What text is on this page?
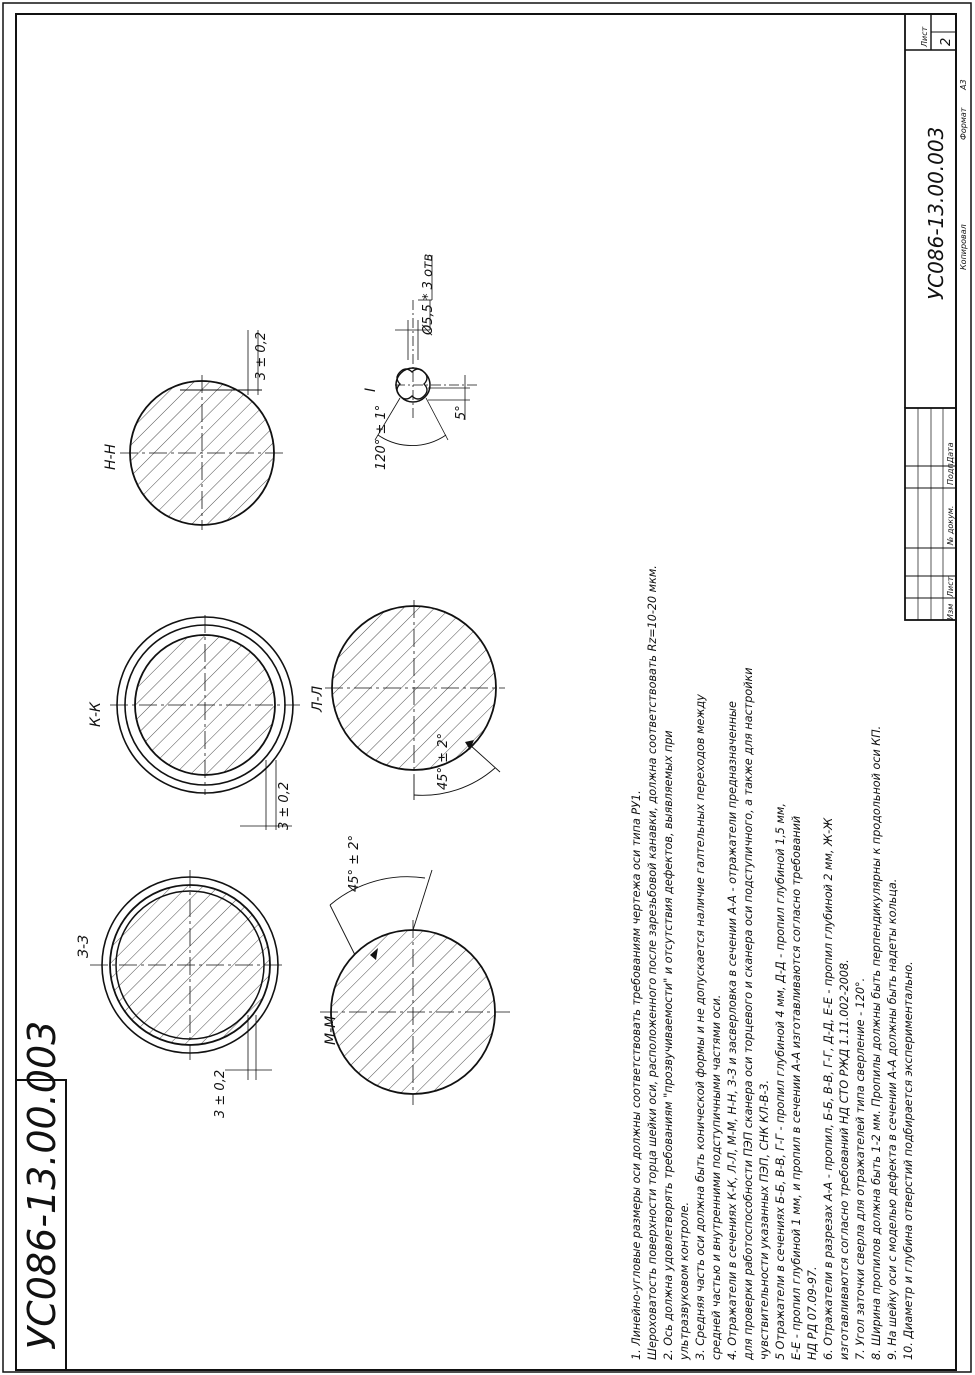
УС086-13.00.003
З-З
3 ± 0,2
М-М
45° ± 2°
К-К
3 ± 0,2
Л-Л
45° ± 2°
Н-Н
3 ± 0,2
I
120° ± 1°	5°
Ø5,5 * 3 отв
1. Линейно-угловые размеры оси должны соответствовать требованиям чертежа оси типа РУ1. Шероховатость поверхности торца шейки оси, расположенного после зарезьбовой канавки, должна соответствовать Rz=10-20 мкм. 2. Ось должна удовлетворять требованиям "прозвучиваемости" и отсутствия дефектов, выявляемых при ультразвуковом контроле. 3. Средняя часть оси должна быть конической формы и не допускается наличие галтельных переходов между средней частью и внутренними подступичными частями оси. 4. Отражатели в сечениях К-К, Л-Л, М-М, Н-Н, З-З и засверловка в сечении А-А - отражатели предназначенные для проверки работоспособности ПЭП сканера оси торцевого и сканера оси подступичного, а также для настройки чувствительности указанных ПЭП, СНК КЛ-В-3. 5 Отражатели в сечениях Б-Б, В-В, Г-Г - пропил глубиной 4 мм, Д-Д - пропил глубиной 1,5 мм, Е-Е - пропил глубиной 1 мм, и пропил в сечении А-А изготавливаются согласно требований НД РД 07.09-97. 6. Отражатели в разрезах А-А - пропил, Б-Б, В-В, Г-Г, Д-Д, Е-Е - пропил глубиной 2 мм, Ж-Ж изготавливаются согласно требований НД СТО РЖД 1.11.002-2008. 7. Угол заточки сверла для отражателей типа сверление - 120°. 8. Ширина пропилов должна быть 1-2 мм. Пропилы должны быть перпендикулярны к продольной оси КП. 9. На шейку оси с моделью дефекта в сечении А-А должны быть надеты кольца. 10. Диаметр и глубина отверстий подбирается экспериментально.
Изм
Лист
№ докум.
Подп.
Дата
УС086-13.00.003
Лист 2
Копировал
Формат
А3
